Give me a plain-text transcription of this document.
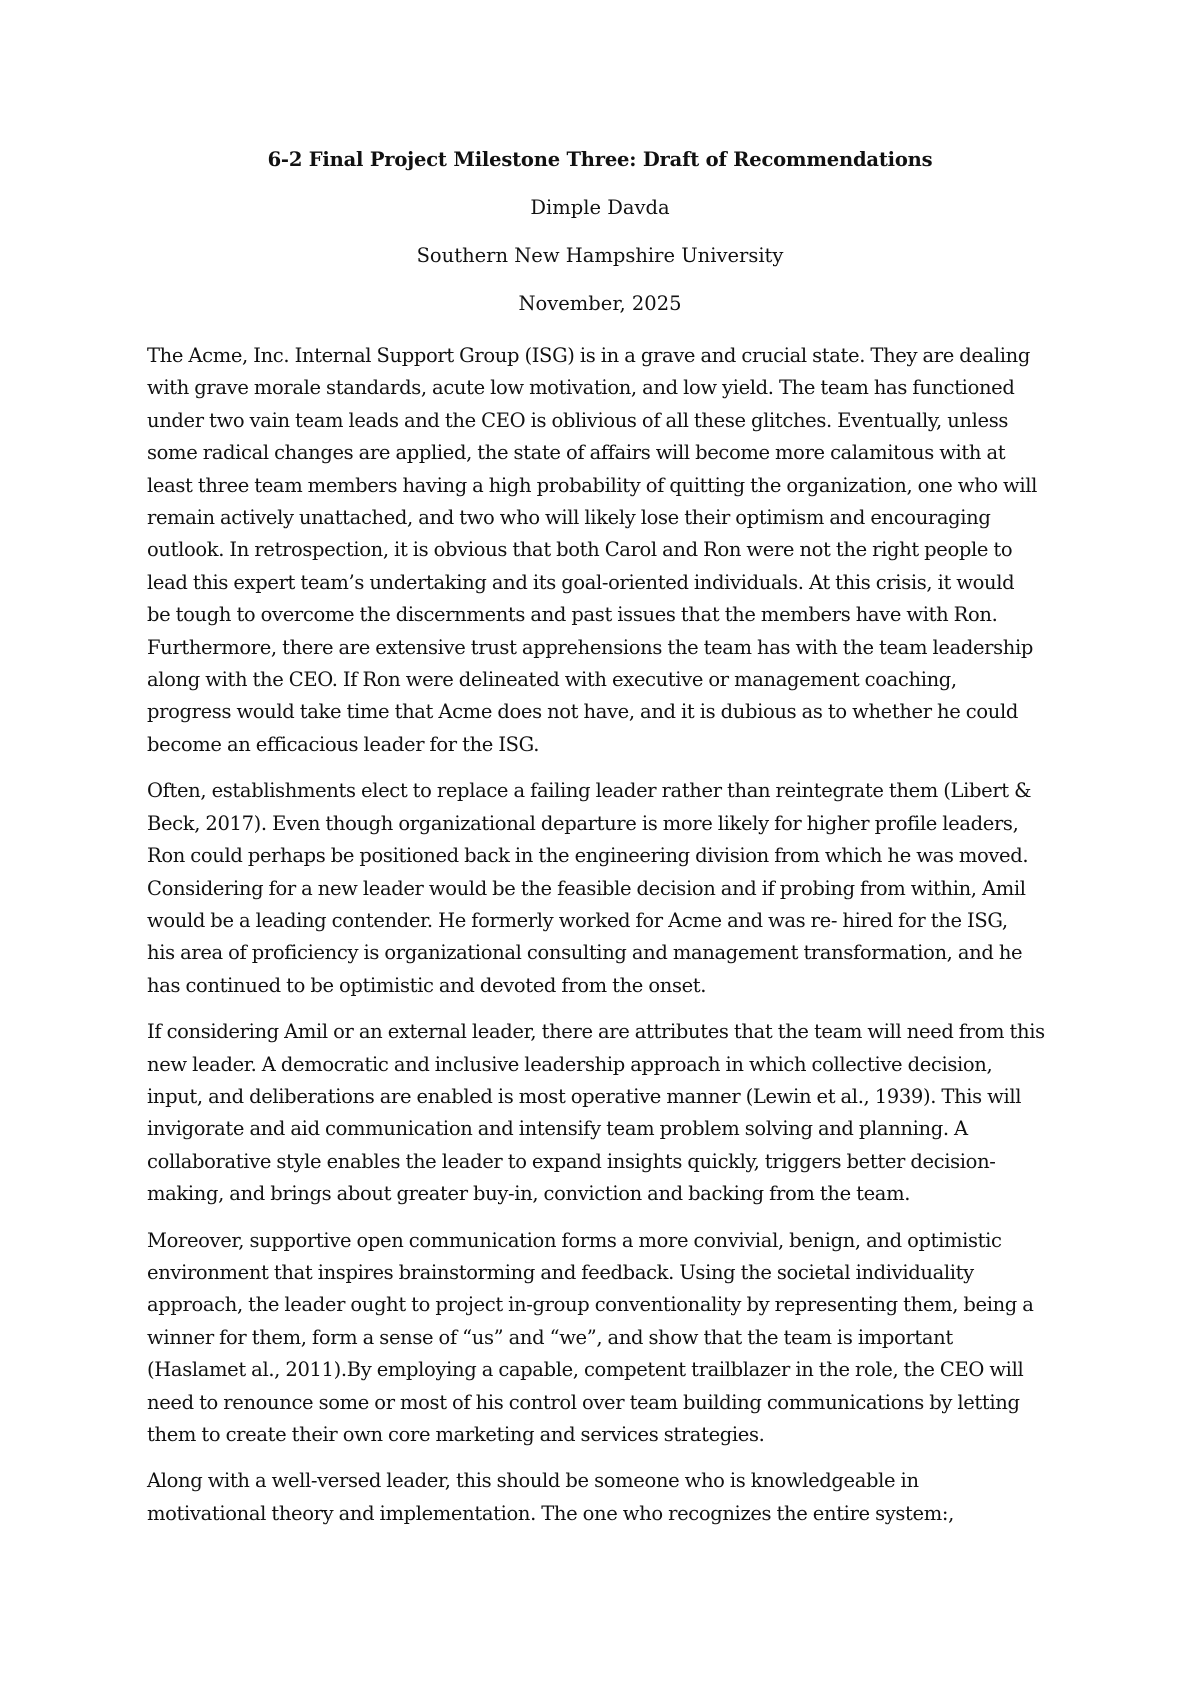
6-2 Final Project Milestone Three: Draft of Recommendations
Dimple Davda
Southern New Hampshire University
November, 2025

The Acme, Inc. Internal Support Group (ISG) is in a grave and crucial state. They are dealing
with grave morale standards, acute low motivation, and low yield. The team has functioned
under two vain team leads and the CEO is oblivious of all these glitches. Eventually, unless
some radical changes are applied, the state of affairs will become more calamitous with at
least three team members having a high probability of quitting the organization, one who will
remain actively unattached, and two who will likely lose their optimism and encouraging
outlook. In retrospection, it is obvious that both Carol and Ron were not the right people to
lead this expert team’s undertaking and its goal-oriented individuals. At this crisis, it would
be tough to overcome the discernments and past issues that the members have with Ron.
Furthermore, there are extensive trust apprehensions the team has with the team leadership
along with the CEO. If Ron were delineated with executive or management coaching,
progress would take time that Acme does not have, and it is dubious as to whether he could
become an efficacious leader for the ISG.

Often, establishments elect to replace a failing leader rather than reintegrate them (Libert &
Beck, 2017). Even though organizational departure is more likely for higher profile leaders,
Ron could perhaps be positioned back in the engineering division from which he was moved.
Considering for a new leader would be the feasible decision and if probing from within, Amil
would be a leading contender. He formerly worked for Acme and was re- hired for the ISG,
his area of proficiency is organizational consulting and management transformation, and he
has continued to be optimistic and devoted from the onset.

If considering Amil or an external leader, there are attributes that the team will need from this
new leader. A democratic and inclusive leadership approach in which collective decision,
input, and deliberations are enabled is most operative manner (Lewin et al., 1939). This will
invigorate and aid communication and intensify team problem solving and planning. A
collaborative style enables the leader to expand insights quickly, triggers better decision-
making, and brings about greater buy-in, conviction and backing from the team.

Moreover, supportive open communication forms a more convivial, benign, and optimistic
environment that inspires brainstorming and feedback. Using the societal individuality
approach, the leader ought to project in-group conventionality by representing them, being a
winner for them, form a sense of “us” and “we”, and show that the team is important
(Haslamet al., 2011).By employing a capable, competent trailblazer in the role, the CEO will
need to renounce some or most of his control over team building communications by letting
them to create their own core marketing and services strategies.

Along with a well-versed leader, this should be someone who is knowledgeable in
motivational theory and implementation. The one who recognizes the entire system:,
